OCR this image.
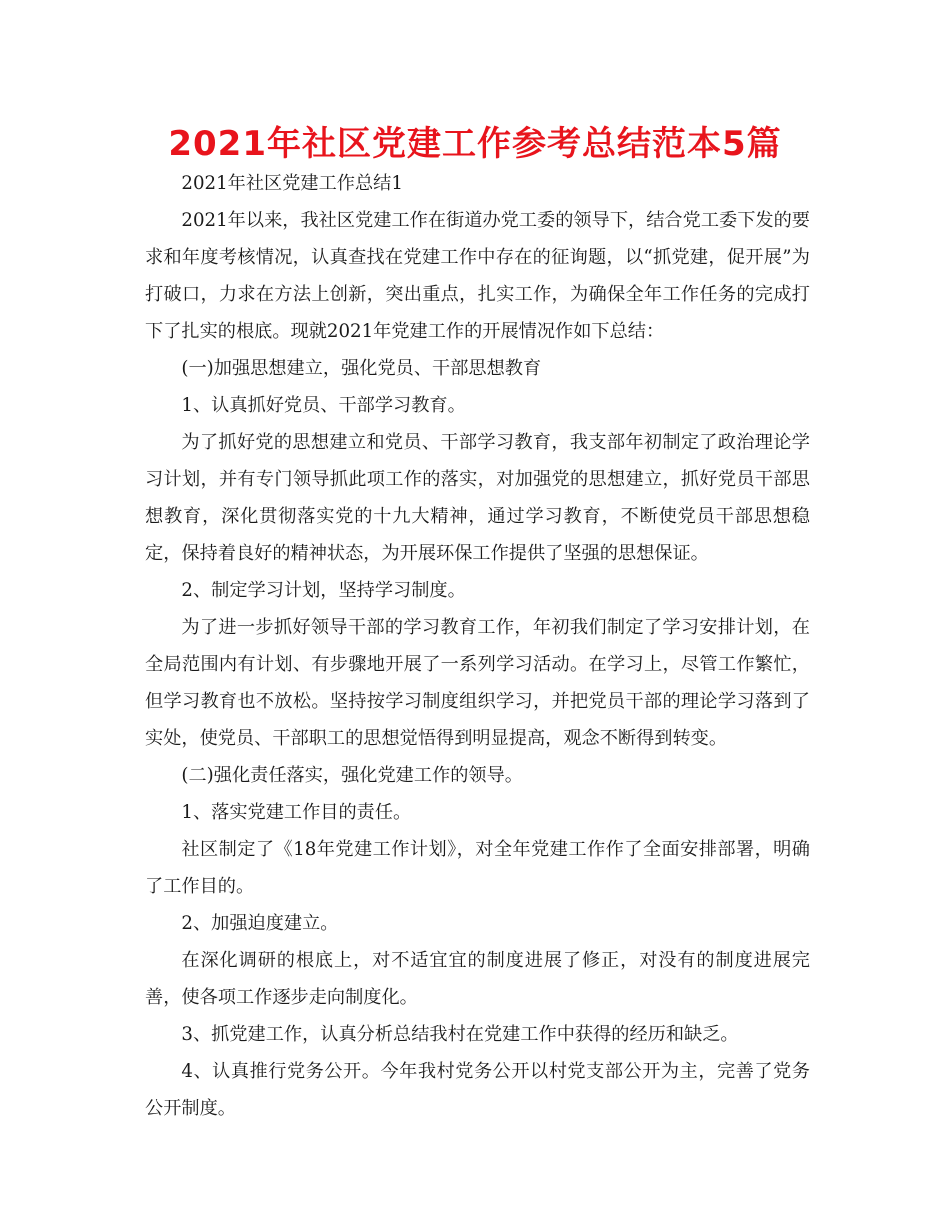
2021年社区党建工作参考总结范本5篇

2021年社区党建工作总结1

2021年以来，我社区党建工作在街道办党工委的领导下，结合党工委下发的要求和年度考核情况，认真查找在党建工作中存在的征询题，以“抓党建，促开展”为打破口，力求在方法上创新，突出重点，扎实工作，为确保全年工作任务的完成打下了扎实的根底。现就2021年党建工作的开展情况作如下总结：

(一)加强思想建立，强化党员、干部思想教育

1、认真抓好党员、干部学习教育。

为了抓好党的思想建立和党员、干部学习教育，我支部年初制定了政治理论学习计划，并有专门领导抓此项工作的落实，对加强党的思想建立，抓好党员干部思想教育，深化贯彻落实党的十九大精神，通过学习教育，不断使党员干部思想稳定，保持着良好的精神状态，为开展环保工作提供了坚强的思想保证。

2、制定学习计划，坚持学习制度。

为了进一步抓好领导干部的学习教育工作，年初我们制定了学习安排计划，在全局范围内有计划、有步骤地开展了一系列学习活动。在学习上，尽管工作繁忙，但学习教育也不放松。坚持按学习制度组织学习，并把党员干部的理论学习落到了实处，使党员、干部职工的思想觉悟得到明显提高，观念不断得到转变。

(二)强化责任落实，强化党建工作的领导。

1、落实党建工作目的责任。

社区制定了《18年党建工作计划》，对全年党建工作作了全面安排部署，明确了工作目的。

2、加强迫度建立。

在深化调研的根底上，对不适宜宜的制度进展了修正，对没有的制度进展完善，使各项工作逐步走向制度化。

3、抓党建工作，认真分析总结我村在党建工作中获得的经历和缺乏。

4、认真推行党务公开。今年我村党务公开以村党支部公开为主，完善了党务公开制度。
